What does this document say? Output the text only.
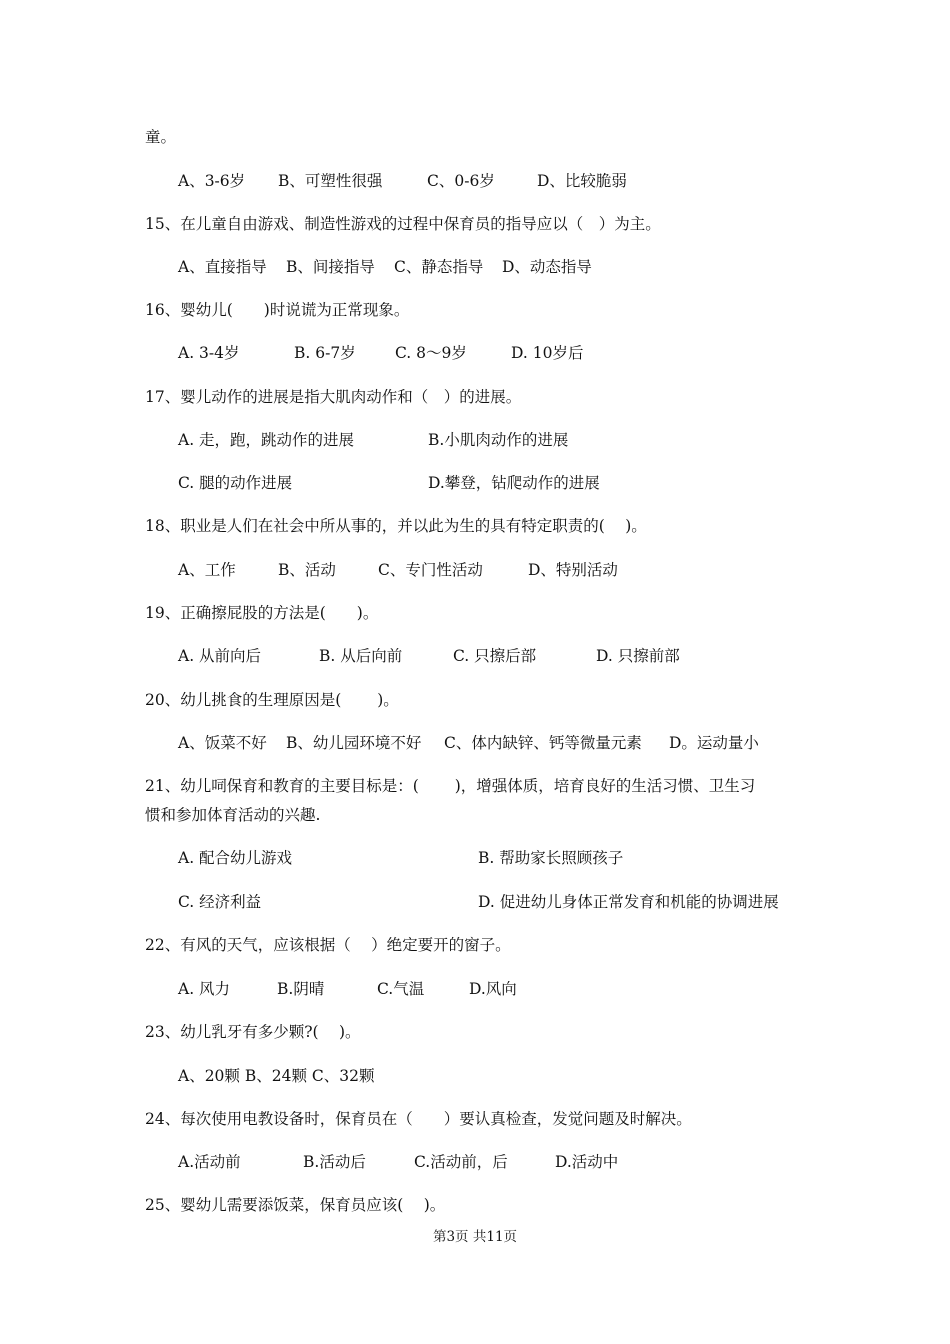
童。
A、3-6岁 B、可塑性很强	C、0-6岁	D、比较脆弱
15、在儿童自由游戏、制造性游戏的过程中保育员的指导应以（　）为主。
A、直接指导 B、间接指导 C、静态指导 D、动态指导
16、婴幼儿(　　)时说谎为正常现象。
A. 3-4岁	B. 6-7岁	C. 8～9岁	D. 10岁后
17、婴儿动作的进展是指大肌肉动作和（　）的进展。
A. 走，跑，跳动作的进展	B.小肌肉动作的进展
C. 腿的动作进展	D.攀登，钻爬动作的进展
18、职业是人们在社会中所从事的，并以此为生的具有特定职责的(　 )。
A、工作	B、活动	C、专门性活动	D、特别活动
19、正确擦屁股的方法是(　　)。
A. 从前向后	B. 从后向前	C. 只擦后部	D. 只擦前部
20、幼儿挑食的生理原因是(　　 )。
A、饭菜不好 B、幼儿园环境不好 C、体内缺锌、钙等微量元素 D。运动量小
21、幼儿呞保育和教育的主要目标是：(　　 )，增强体质，培育良好的生活习惯、卫生习
惯和参加体育活动的兴趣.
A. 配合幼儿游戏	B. 帮助家长照顾孩子
C. 经济利益	D. 促进幼儿身体正常发育和机能的协调进展
22、有风的天气，应该根据（　 ）绝定要开的窗子。
A. 风力	B.阴晴	C.气温	D.风向
23、幼儿乳牙有多少颗?(　 )。
A、20颗 B、24颗 C、32颗
24、每次使用电教设备时，保育员在（　　）要认真检查，发觉问题及时解决。
A.活动前	B.活动后	C.活动前，后	D.活动中
25、婴幼儿需要添饭菜，保育员应该(　 )。
第3页 共11页
